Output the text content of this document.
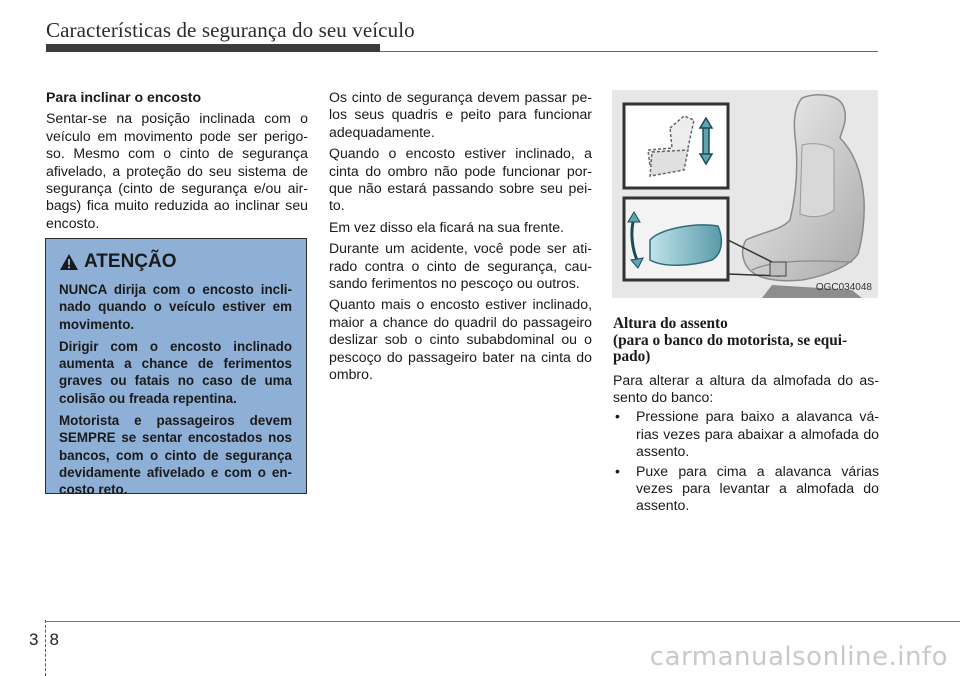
Características de segurança do seu veículo

Para inclinar o encosto

Sentar-se na posição inclinada com o veículo em movimento pode ser perigo-so. Mesmo com o cinto de segurança afivelado, a proteção do seu sistema de segurança (cinto de segurança e/ou air-bags) fica muito reduzida ao inclinar seu encosto.

ATENÇÃO

NUNCA dirija com o encosto incli-nado quando o veículo estiver em movimento.

Dirigir com o encosto inclinado aumenta a chance de ferimentos graves ou fatais no caso de uma colisão ou freada repentina.

Motorista e passageiros devem SEMPRE se sentar encostados nos bancos, com o cinto de segurança devidamente afivelado e com o en-costo reto.

Os cinto de segurança devem passar pe-los seus quadris e peito para funcionar adequadamente.

Quando o encosto estiver inclinado, a cinta do ombro não pode funcionar por-que não estará passando sobre seu pei-to.

Em vez disso ela ficará na sua frente.

Durante um acidente, você pode ser ati-rado contra o cinto de segurança, cau-sando ferimentos no pescoço ou outros.

Quanto mais o encosto estiver inclinado, maior a chance do quadril do passageiro deslizar sob o cinto subabdominal ou o pescoço do passageiro bater na cinta do ombro.

OGC034048
Altura do assento
(para o banco do motorista, se equi-
pado)

Para alterar a altura da almofada do as-sento do banco:

• Pressione para baixo a alavanca vá-rias vezes para abaixar a almofada do assento.
• Puxe para cima a alavanca várias vezes para levantar a almofada do assento.
38
carmanualsonline.info
